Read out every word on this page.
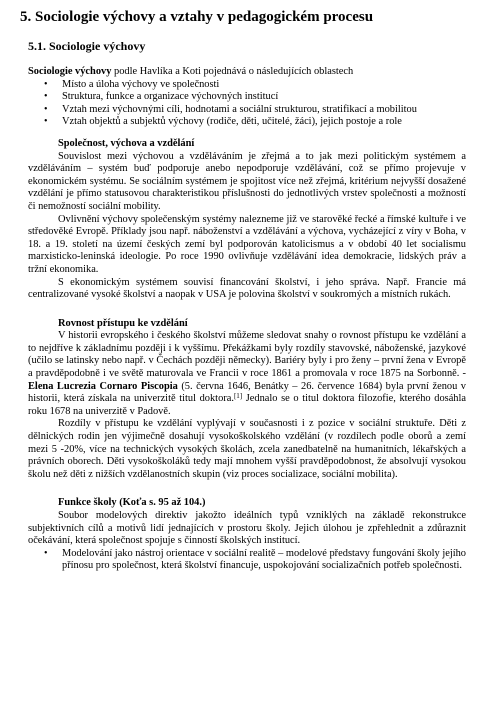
5. Sociologie výchovy a vztahy v pedagogickém procesu
5.1. Sociologie výchovy

Sociologie výchovy podle Havlíka a Koti pojednává o následujících oblastech

• Místo a úloha výchovy ve společnosti
• Struktura, funkce a organizace výchovných institucí
• Vztah mezi výchovnými cíli, hodnotami a sociální strukturou, stratifikací a mobilitou
• Vztah objektů a subjektů výchovy (rodiče, děti, učitelé, žáci), jejich postoje a role

Společnost, výchova a vzdělání

Souvislost mezi výchovou a vzděláváním je zřejmá a to jak mezi politickým systémem a vzděláváním – systém buď podporuje anebo nepodporuje vzdělávání, což se přímo projevuje v ekonomickém systému. Se sociálním systémem je spojitost více než zřejmá, kritérium nejvyšší dosažené vzdělání je přímo statusovou charakteristikou příslušnosti do jednotlivých vrstev společnosti a možností či nemožností sociální mobility.

Ovlivnění výchovy společenským systémy nalezneme již ve starověké řecké a římské kultuře i ve středověké Evropě. Příklady jsou např. náboženství a vzdělávání a výchova, vycházející z víry v Boha, v 18. a 19. století na území českých zemí byl podporován katolicismus a v období 40 let socialismu marxisticko-leninská ideologie. Po roce 1990 ovlivňuje vzdělávání idea demokracie, lidských práv a tržní ekonomika.

S ekonomickým systémem souvisí financování školství, i jeho správa. Např. Francie má centralizované vysoké školství a naopak v USA je polovina školství v soukromých a místních rukách.

Rovnost přístupu ke vzdělání

V historii evropského i českého školství můžeme sledovat snahy o rovnost přístupu ke vzdělání a to nejdříve k základnímu později i k vyššímu. Překážkami byly rozdíly stavovské, náboženské, jazykové (učilo se latinsky nebo např. v Čechách později německy). Bariéry byly i pro ženy – první žena v Evropě a pravděpodobně i ve světě maturovala ve Francii v roce 1861 a promovala v roce 1875 na Sorbonně. - Elena Lucrezia Cornaro Piscopia (5. června 1646, Benátky – 26. července 1684) byla první ženou v historii, která získala na univerzitě titul doktora.[1] Jednalo se o titul doktora filozofie, kterého dosáhla roku 1678 na univerzitě v Padově.

Rozdíly v přístupu ke vzdělání vyplývají v současnosti i z pozice v sociální struktuře. Děti z dělnických rodin jen výjimečně dosahují vysokoškolského vzdělání (v rozdílech podle oborů a zemí mezi 5 -20%, více na technických vysokých školách, zcela zanedbatelně na humanitních, lékařských a právních oborech. Děti vysokoškoláků tedy mají mnohem vyšší pravděpodobnost, že absolvují vysokou školu než děti z nižších vzdělanostních skupin (viz proces socializace, sociální mobilita).

Funkce školy (Koťa s. 95 až 104.)

Soubor modelových direktiv jakožto ideálních typů vzniklých na základě rekonstrukce subjektivních cílů a motivů lidí jednajících v prostoru školy. Jejich úlohou je zpřehlednit a zdůraznit očekávání, která společnost spojuje s činností školských institucí.

• Modelování jako nástroj orientace v sociální realitě – modelové představy fungování školy jejího přínosu pro společnost, která školství financuje, uspokojování socializačních potřeb společnosti.
